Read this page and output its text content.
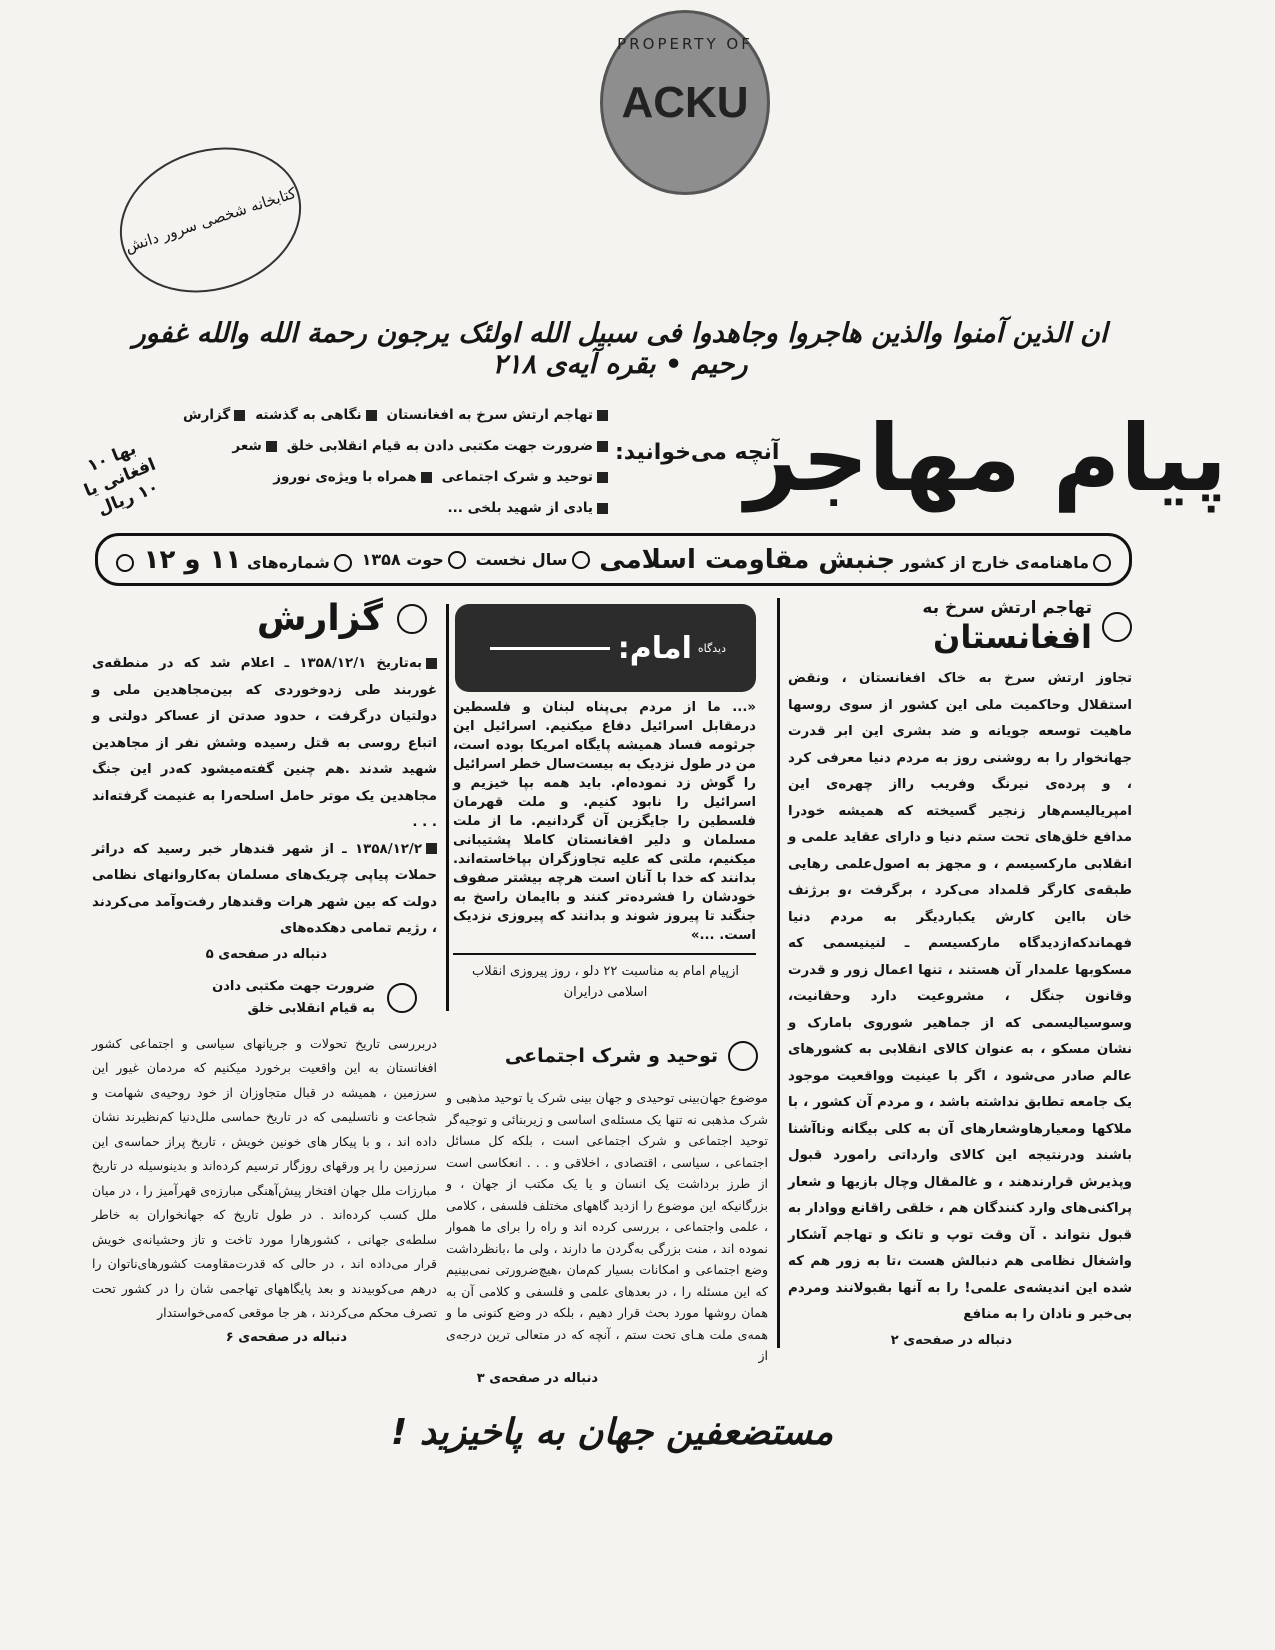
PROPERTY OF
ACKU
کتابخانه شخصی سرور دانش
ان الذین آمنوا والذین هاجروا وجاهدوا فی سبیل الله اولئک یرجون رحمة الله والله غفور رحیم • بقره آیه‌ی ۲۱۸
پیام مهاجر
آنچه می‌خوانید:
تهاجم ارتش سرخ به افغانستاننگاهی به گذشتهگزارش
ضرورت جهت مکتبی دادن به قیام انقلابی خلقشعر
توحید و شرک اجتماعیهمراه با ویژه‌ی نوروز
یادی از شهید بلخی ...
بها ۱۰ افغانی یا ۱۰ ریال
ماهنامه‌ی خارج از کشور جنبش مقاومت اسلامی
سال نخست
حوت ۱۳۵۸
شماره‌های ۱۱ و ۱۲
تهاجم ارتش سرخ به
افغانستان
تجاوز ارتش سرخ به خاک افغانستان ، ونقض استقلال وحاکمیت ملی این کشور از سوی روسها ماهیت توسعه جویانه و ضد بشری این ابر قدرت جهانخوار را به روشنی روز به مردم دنیا معرفی کرد ، و پرده‌ی نیرنگ وفریب رااز چهره‌ی این امپریالیسم‌هار زنجیر گسیخته که همیشه خودرا مدافع خلق‌های تحت ستم دنیا و دارای عقاید علمی و انقلابی مارکسیسم ، و مجهز به اصول‌علمی رهایی طبقه‌ی کارگر قلمداد می‌کرد ، برگرفت ،و برژنف خان بااین کارش یکباردیگر به مردم دنیا فهماندکه‌ازدیدگاه مارکسیسم ـ لنینیسمی که مسکوبها علمدار آن هستند ، تنها اعمال زور و قدرت وقانون جنگل ، مشروعیت دارد وحقانیت، وسوسیالیسمی که از جماهیر شوروی بامارک و نشان مسکو ، به عنوان کالای انقلابی به کشورهای عالم صادر می‌شود ، اگر با عینیت وواقعیت موجود یک جامعه تطابق نداشته باشد ، و مردم آن کشور ، با ملاکها ومعیارهاوشعارهای آن به کلی بیگانه وناآشنا باشند ودرنتیجه این کالای وارداتی رامورد قبول وپذیرش قرارندهند ، و غالمقال وچال بازیها و شعار پراکنی‌های وارد کنندگان هم ، خلقی راقانع ووادار به قبول نتواند . آن وقت توپ و تانک و تهاجم آشکار واشغال نظامی هم دنبالش هست ،تا به زور هم که شده این اندیشه‌ی علمی! را به آنها بقبولانند ومردم بی‌خبر و نادان را به منافع
دنباله در صفحه‌ی ۲
دیدگاه
امام:
«... ما از مردم بی‌پناه لبنان و فلسطین درمقابل اسرائیل دفاع میکنیم. اسرائیل این جرثومه فساد همیشه پایگاه امریکا بوده است، من در طول نزدیک به بیست‌سال خطر اسرائیل را گوش زد نموده‌ام. باید همه بپا خیزیم و اسرائیل را نابود کنیم. و ملت قهرمان فلسطین را جایگزین آن گردانیم. ما از ملت مسلمان و دلیر افغانستان کاملا پشتیبانی میکنیم، ملتی که علیه تجاوزگران بپاخاسته‌اند. بدانند که خدا با آنان است هرچه بیشتر صفوف خودشان را فشرده‌تر کنند و باایمان راسخ به جنگند تا پیروز شوند و بدانند که پیروزی نزدیک است. ...»
ازپیام امام به مناسبت ۲۲ دلو ، روز پیروزی انقلاب اسلامی درایران
توحید و شرک اجتماعی
موضوع جهان‌بینی توحیدی و جهان بینی شرک یا توحید مذهبی و شرک مذهبی نه تنها یک مسئله‌ی اساسی و زیربنائی و توجیه‌گر توحید اجتماعی و شرک اجتماعی است ، بلکه کل مسائل اجتماعی ، سیاسی ، اقتصادی ، اخلاقی و . . . انعکاسی است از طرز برداشت یک انسان و یا یک مکتب از جهان ، و بزرگانیکه این موضوع را ازدید گاههای مختلف فلسفی ، کلامی ، علمی واجتماعی ، بررسی کرده اند و راه را برای ما هموار نموده اند ، منت بزرگی به‌گردن ما دارند ، ولی ما ،بانظرداشت وضع اجتماعی و امکانات بسیار کم‌مان ،هیچ‌ضرورتی نمی‌بینیم که این مسئله را ، در بعدهای علمی و فلسفی و کلامی آن به همان روشها مورد بحث قرار دهیم ، بلکه در وضع کنونی ما و همه‌ی ملت هـای تحت ستم ، آنچه که در متعالی ترین درجه‌ی از
دنباله در صفحه‌ی ۳
گزارش
به‌تاریخ ۱۳۵۸/۱۲/۱ ـ اعلام شد که در منطقه‌ی غوربند طی زدوخوردی که بین‌مجاهدین ملی و دولتیان درگرفت ، حدود صدتن از عساکر دولتی و اتباع روسی به قتل رسیده وشش نفر از مجاهدین شهید شدند .هم چنین گفته‌میشود که‌در این جنگ مجاهدین یک موتر حامل اسلحه‌را به غنیمت گرفته‌اند . . .
۱۳۵۸/۱۲/۲ ـ از شهر قندهار خبر رسید که دراثر حملات پیاپی چریک‌های مسلمان به‌کاروانهای نظامی دولت که بین شهر هرات وقندهار رفت‌وآمد می‌کردند ، رژیم تمامی دهکده‌های
دنباله در صفحه‌ی ۵
ضرورت جهت مکتبی دادن
به قیام انقلابی خلق
دربررسی تاریخ تحولات و جریانهای سیاسی و اجتماعی کشور افغانستان به این واقعیت برخورد میکنیم که مردمان غیور این سرزمین ، همیشه در قبال متجاوزان از خود روحیه‌ی شهامت و شجاعت و ناتسلیمی که در تاریخ حماسی ملل‌دنیا کم‌نظیرند نشان داده اند ، و با پیکار های خونین خویش ، تاریخ پراز حماسه‌ی این سرزمین را پر ورقهای روزگار ترسیم کرده‌اند و بدینوسیله در تاریخ مبارزات ملل جهان افتخار پیش‌آهنگی مبارزه‌ی قهرآمیز را ، در میان ملل کسب کرده‌اند . در طول تاریخ که جهانخواران به خاطر سلطه‌ی جهانی ، کشورهارا مورد تاخت و تاز وحشیانه‌ی خویش قرار می‌داده اند ، در حالی که قدرت‌مقاومت کشورهای‌ناتوان را درهم می‌کوبیدند و بعد پایگاههای تهاجمی شان را در کشور تحت تصرف محکم می‌کردند ، هر جا موقعی که‌می‌خواستدار
دنباله در صفحه‌ی ۶
مستضعفین جهان به پاخیزید !
